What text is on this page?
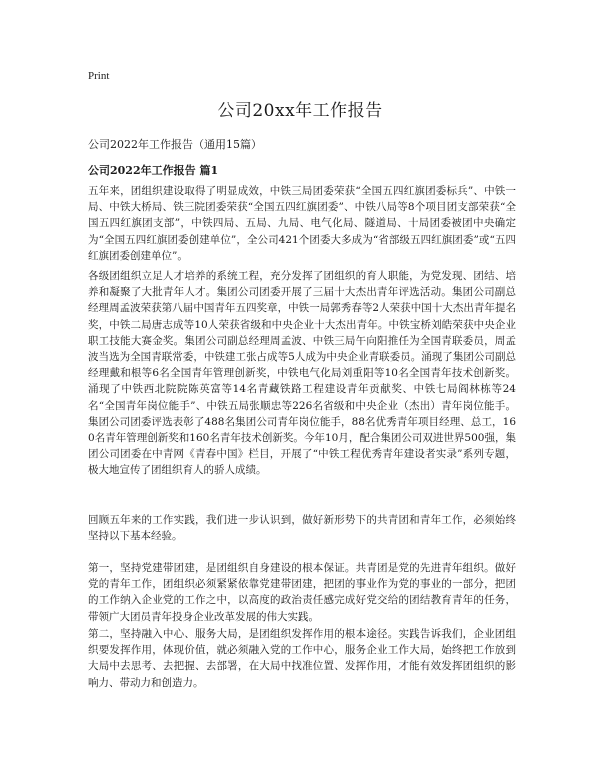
Print
公司20xx年工作报告

公司2022年工作报告（通用15篇）

公司2022年工作报告 篇1

五年来，团组织建设取得了明显成效，中铁三局团委荣获“全国五四红旗团委标兵”、中铁一局、中铁大桥局、铁三院团委荣获“全国五四红旗团委”、中铁八局等8个项目团支部荣获“全国五四红旗团支部”，中铁四局、五局、九局、电气化局、隧道局、十局团委被团中央确定为“全国五四红旗团委创建单位”，全公司421个团委大多成为“省部级五四红旗团委”或“五四红旗团委创建单位”。

各级团组织立足人才培养的系统工程，充分发挥了团组织的育人职能，为党发现、团结、培养和凝聚了大批青年人才。集团公司团委开展了三届十大杰出青年评选活动。集团公司副总经理周孟波荣获第八届中国青年五四奖章，中铁一局郭秀春等2人荣获中国十大杰出青年提名奖，中铁二局唐志成等10人荣获省级和中央企业十大杰出青年。中铁宝桥刘皓荣获中央企业职工技能大赛金奖。集团公司副总经理周孟波、中铁三局午向阳推任为全国青联委员，周孟波当选为全国青联常委，中铁建工张占成等5人成为中央企业青联委员。涌现了集团公司副总经理戴和根等6名全国青年管理创新奖，中铁电气化局刘重阳等10名全国青年技术创新奖。涌现了中铁西北院院陈英富等14名青藏铁路工程建设青年贡献奖、中铁七局阎林栋等24名“全国青年岗位能手”、中铁五局张顺忠等226名省级和中央企业（杰出）青年岗位能手。集团公司团委评选表彰了488名集团公司青年岗位能手，88名优秀青年项目经理、总工，160名青年管理创新奖和160名青年技术创新奖。今年10月，配合集团公司双进世界500强，集团公司团委在中青网《青春中国》栏目，开展了“中铁工程优秀青年建设者实录”系列专题，极大地宣传了团组织育人的骄人成绩。

回顾五年来的工作实践，我们进一步认识到，做好新形势下的共青团和青年工作，必须始终坚持以下基本经验。

第一，坚持党建带团建，是团组织自身建设的根本保证。共青团是党的先进青年组织。做好党的青年工作，团组织必须紧紧依靠党建带团建，把团的事业作为党的事业的一部分，把团的工作纳入企业党的工作之中，以高度的政治责任感完成好党交给的团结教育青年的任务，带领广大团员青年投身企业改革发展的伟大实践。

第二，坚持融入中心、服务大局，是团组织发挥作用的根本途径。实践告诉我们，企业团组织要发挥作用，体现价值，就必须融入党的工作中心，服务企业工作大局，始终把工作放到大局中去思考、去把握、去部署，在大局中找准位置、发挥作用，才能有效发挥团组织的影响力、带动力和创造力。
